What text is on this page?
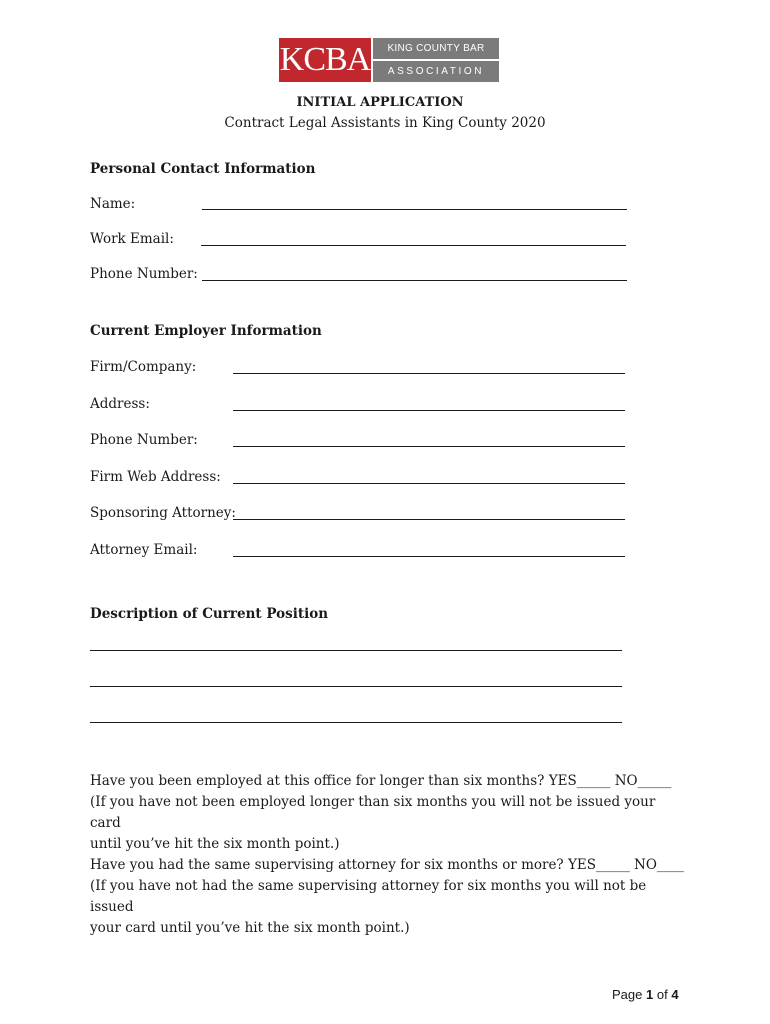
KCBA	KING COUNTY BAR
ASSOCIATION
INITIAL APPLICATION
Contract Legal Assistants in King County 2020
Personal Contact Information
Name:
Work Email:
Phone Number:
Current Employer Information
Firm/Company:
Address:
Phone Number:
Firm Web Address:
Sponsoring Attorney:
Attorney Email:
Description of Current Position
Have you been employed at this office for longer than six months? YES_____ NO_____
(If you have not been employed longer than six months you will not be issued your card
until you’ve hit the six month point.)
Have you had the same supervising attorney for six months or more? YES_____ NO____
(If you have not had the same supervising attorney for six months you will not be issued
your card until you’ve hit the six month point.)
Page 1 of 4
